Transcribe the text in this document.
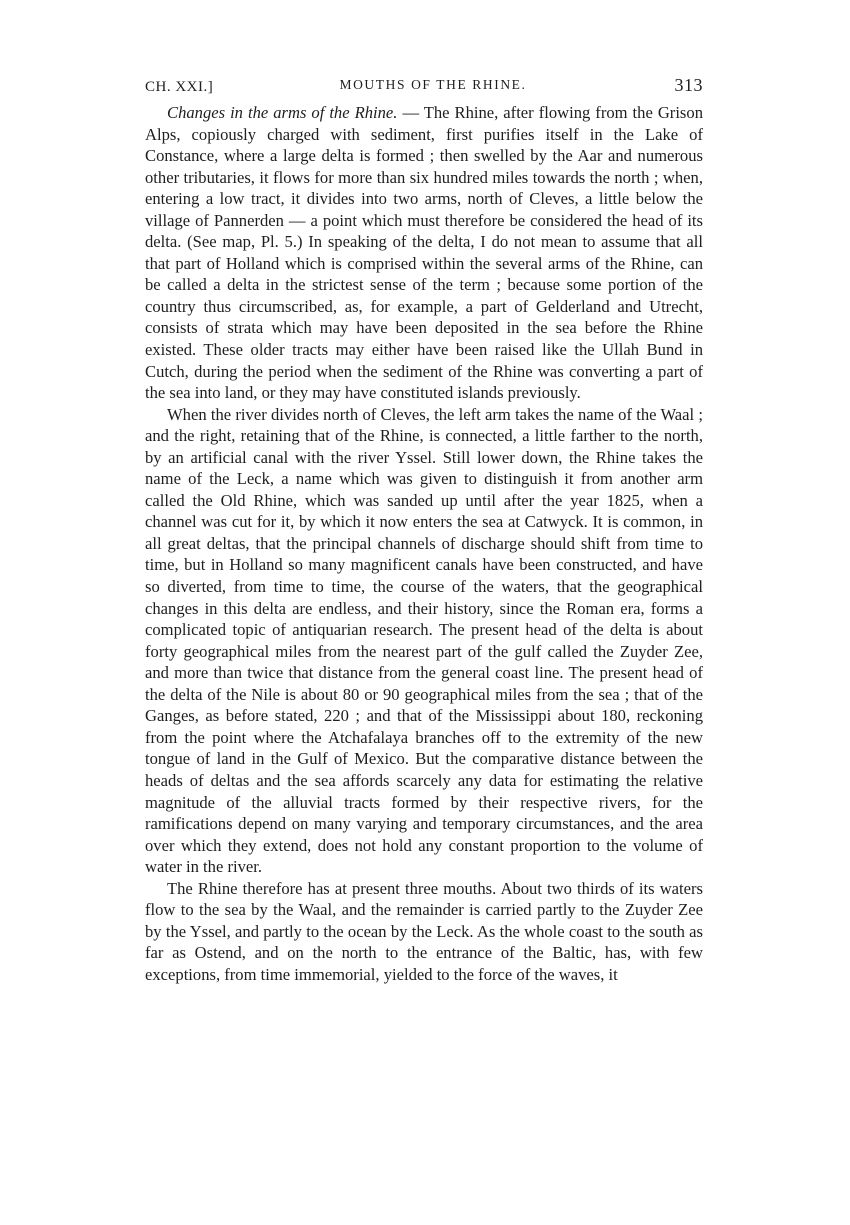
CH. XXI.]	MOUTHS OF THE RHINE.	313

Changes in the arms of the Rhine. — The Rhine, after flowing from the Grison Alps, copiously charged with sediment, first purifies itself in the Lake of Constance, where a large delta is formed ; then swelled by the Aar and numerous other tributaries, it flows for more than six hundred miles towards the north ; when, entering a low tract, it divides into two arms, north of Cleves, a little below the village of Pannerden — a point which must therefore be considered the head of its delta. (See map, Pl. 5.) In speaking of the delta, I do not mean to assume that all that part of Holland which is comprised within the several arms of the Rhine, can be called a delta in the strictest sense of the term ; because some portion of the country thus circumscribed, as, for example, a part of Gelderland and Utrecht, consists of strata which may have been deposited in the sea before the Rhine existed. These older tracts may either have been raised like the Ullah Bund in Cutch, during the period when the sediment of the Rhine was converting a part of the sea into land, or they may have constituted islands previously.

When the river divides north of Cleves, the left arm takes the name of the Waal ; and the right, retaining that of the Rhine, is connected, a little farther to the north, by an artificial canal with the river Yssel. Still lower down, the Rhine takes the name of the Leck, a name which was given to distinguish it from another arm called the Old Rhine, which was sanded up until after the year 1825, when a channel was cut for it, by which it now enters the sea at Catwyck. It is common, in all great deltas, that the principal channels of discharge should shift from time to time, but in Holland so many magnificent canals have been constructed, and have so diverted, from time to time, the course of the waters, that the geographical changes in this delta are endless, and their history, since the Roman era, forms a complicated topic of antiquarian research. The present head of the delta is about forty geographical miles from the nearest part of the gulf called the Zuyder Zee, and more than twice that distance from the general coast line. The present head of the delta of the Nile is about 80 or 90 geographical miles from the sea ; that of the Ganges, as before stated, 220 ; and that of the Mississippi about 180, reckoning from the point where the Atchafalaya branches off to the extremity of the new tongue of land in the Gulf of Mexico. But the comparative distance between the heads of deltas and the sea affords scarcely any data for estimating the relative magnitude of the alluvial tracts formed by their respective rivers, for the ramifications depend on many varying and temporary circumstances, and the area over which they extend, does not hold any constant proportion to the volume of water in the river.

The Rhine therefore has at present three mouths. About two thirds of its waters flow to the sea by the Waal, and the remainder is carried partly to the Zuyder Zee by the Yssel, and partly to the ocean by the Leck. As the whole coast to the south as far as Ostend, and on the north to the entrance of the Baltic, has, with few exceptions, from time immemorial, yielded to the force of the waves, it
